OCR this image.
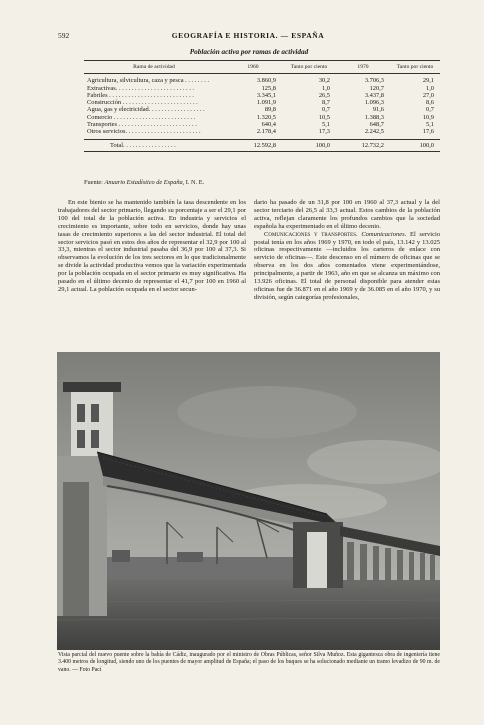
592	GEOGRAFÍA E HISTORIA. — ESPAÑA
Población activa por ramas de actividad
Rama de actividad	1960	Tanto por ciento	1970	Tanto por ciento
Agricultura, silvicultura, caza y pesca . . . . . . . .	3.860,9	30,2	3.706,3	29,1
Extractivas. . . . . . . . . . . . . . . . . . . . . . . . .	125,8	1,0	120,7	1,0
Fabriles . . . . . . . . . . . . . . . . . . . . . . . . . . .	3.345,1	26,5	3.437,8	27,0
Construcción . . . . . . . . . . . . . . . . . . . . . . . .	1.091,9	8,7	1.096,3	8,6
Agua, gas y electricidad. . . . . . . . . . . . . . . . . .	89,8	0,7	91,6	0,7
Comercio . . . . . . . . . . . . . . . . . . . . . . . . . .	1.320,5	10,5	1.388,3	10,9
Transportes . . . . . . . . . . . . . . . . . . . . . . . . .	640,4	5,1	648,7	5,1
Otros servicios. . . . . . . . . . . . . . . . . . . . . . . .	2.178,4	17,3	2.242,5	17,6
Total. . . . . . . . . . . . . . . . .	12.592,8	100,0	12.732,2	100,0
Fuente: Anuario Estadístico de España, I. N. E.

En este bienio se ha mantenido también la tasa descendente en los trabajadores del sector primario, llegando su porcentaje a ser el 29,1 por 100 del total de la población activa. En industria y servicios el crecimiento es importante, sobre todo en servicios, donde hay unas tasas de crecimiento superiores a las del sector industrial. El total del sector servicios pasó en estos dos años de representar el 32,9 por 100 al 33,3, mientras el sector industrial pasaba del 36,9 por 100 al 37,3. Si observamos la evolución de los tres sectores en lo que tradicionalmente se divide la actividad productiva vemos que la variación experimentada por la población ocupada en el sector primario es muy significativa. Ha pasado en el último decenio de representar el 41,7 por 100 en 1960 al 29,1 actual. La población ocupada en el sector secun-

dario ha pasado de un 31,8 por 100 en 1960 al 37,3 actual y la del sector terciario del 26,5 al 33,3 actual. Estos cambios de la población activa, reflejan claramente los profundos cambios que la sociedad española ha experimentado en el último decenio.

Comunicaciones y transportes. Comunicaciones. El servicio postal tenía en los años 1969 y 1970, en todo el país, 13.142 y 13.025 oficinas respectivamente —incluidos los carteros de enlace con servicio de oficinas—. Este descenso en el número de oficinas que se observa en los dos años comentados viene experimentándose, principalmente, a partir de 1963, año en que se alcanza un máximo con 13.926 oficinas. El total de personal disponible para atender estas oficinas fue de 36.871 en el año 1969 y de 36.085 en el año 1970, y su división, según categorías profesionales,

Vista parcial del nuevo puente sobre la bahía de Cádiz, inaugurado por el ministro de Obras Públicas, señor Silva Muñoz. Esta gigantesca obra de ingeniería tiene 3.400 metros de longitud, siendo uno de los puentes de mayor amplitud de España; el paso de los buques se ha solucionado mediante un tramo levadizo de 90 m. de vano. — Foto Pací
